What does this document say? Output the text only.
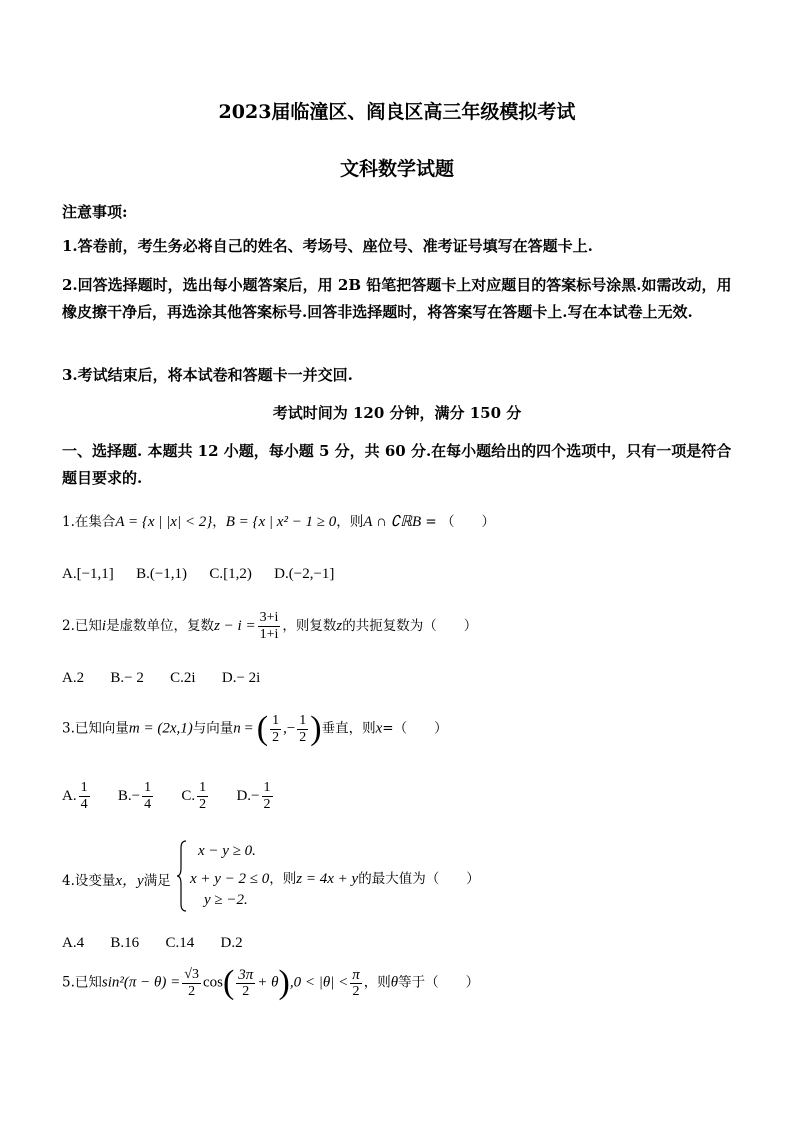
2023届临潼区、阎良区高三年级模拟考试
文科数学试题
注意事项:
1.答卷前，考生务必将自己的姓名、考场号、座位号、准考证号填写在答题卡上.
2.回答选择题时，选出每小题答案后，用 2B 铅笔把答题卡上对应题目的答案标号涂黑.如需改动，用橡皮擦干净后，再选涂其他答案标号.回答非选择题时，将答案写在答题卡上.写在本试卷上无效.
3.考试结束后，将本试卷和答题卡一并交回.
考试时间为 120 分钟，满分 150 分
一、选择题. 本题共 12 小题，每小题 5 分，共 60 分.在每小题给出的四个选项中，只有一项是符合题目要求的.
1.在集合A = {x | |x| < 2}，B = {x | x² − 1 ≥ 0，则A ∩ ∁ℝB = （　　）
A.[−1,1] B.(−1,1) C.[1,2) D.(−2,−1]
2.已知i是虚数单位，复数$z - i = \frac{3+i}{1+i}$ ，则复数z的共扼复数为（　　）
A.2 B.− 2 C.2i D.− 2i
3.已知向量m = (2x,1)与向量n = ( $\frac{1}{2}$ ,− $\frac{1}{2}$ )垂直，则x=（　　）
A. $\frac{1}{4} B.- \frac{1}{4} C$. $\frac{1}{2} D.- \frac{1}{2}$
4.设变量x，y满足
x − y ≥ 0.
x + y − 2 ≤ 0，则z = 4x + y的最大值为（　　）
y ≥ −2.
A.4 B.16 C.14 D.2
5.已知$\sin^2(\pi - \theta) = \frac{√3}{2} \cos( \frac{3\pi}{2} + \theta),0 < |\theta| < \frac{\pi}{2}$ ，则θ等于（　　）
